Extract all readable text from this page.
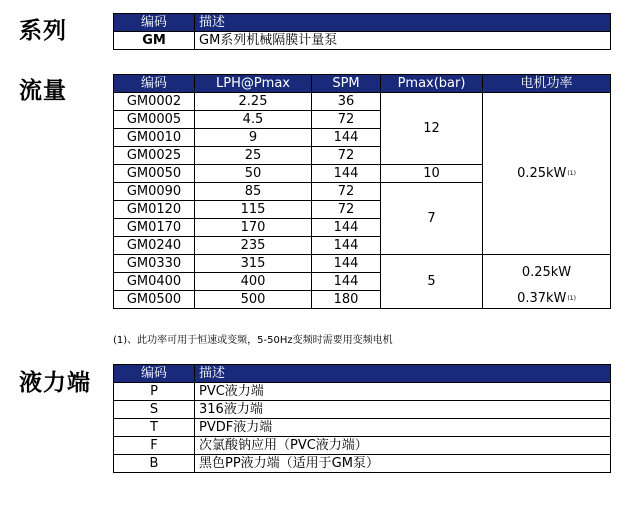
系列	编码	描述
GM	GM系列机械隔膜计量泵
流量	编码	LPH@Pmax	SPM	Pmax(bar)	电机功率
GM0002	2.25	36	12	$0.25kW^{(1)}$
GM0005	4.5	72		
GM0010	9	144		
GM0025	25	72		
GM0050	50	144	10	
GM0090	85	72	7	
GM0120	115	72		
GM0170	170	144		
GM0240	235	144		
GM0330	315	144	5	0.25kW
GM0400	400	144		
GM0500	500	180		$0.37kW^{(1)}$
(1)、此功率可用于恒速或变频，5-50Hz变频时需要用变频电机
液力端	编码	描述
P	PVC液力端
S	316液力端
T	PVDF液力端
F	次氯酸钠应用（PVC液力端）
B	黑色PP液力端（适用于GM泵）
